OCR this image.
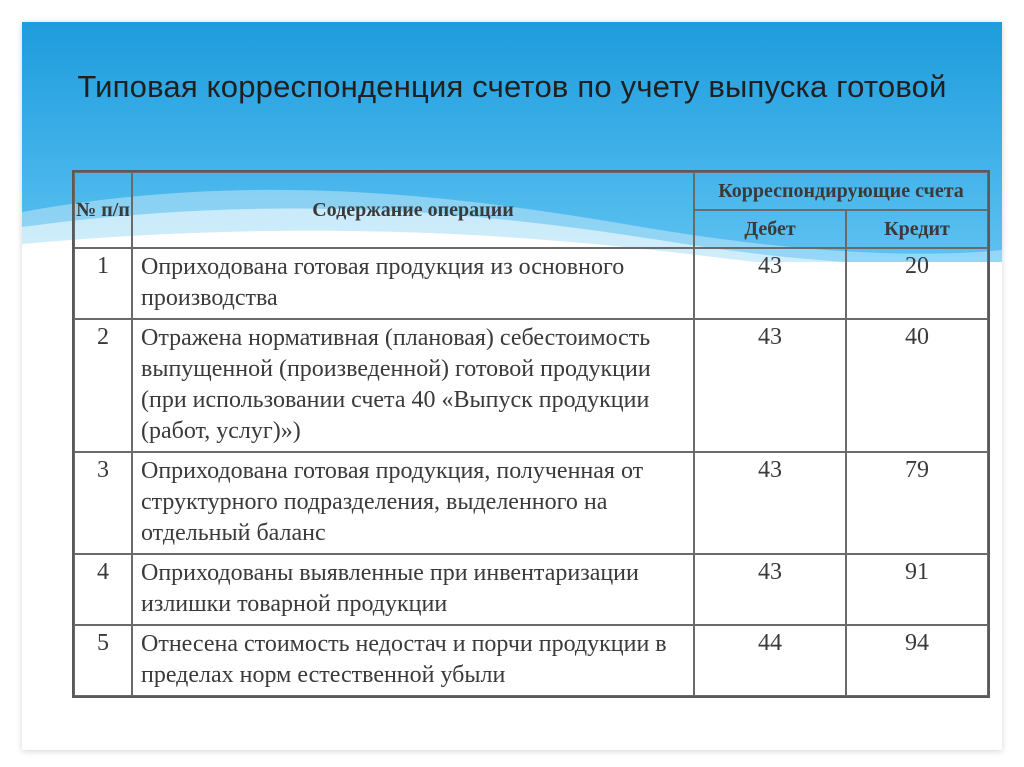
Типовая корреспонденция счетов по учету выпуска готовой
№ п/п	Содержание операции	Корреспондирующие счета	
		Дебет	Кредит
1	Оприходована готовая продукция из основного производства	43	20
2	Отражена нормативная (плановая) себестоимость выпущенной (произведенной) готовой продукции (при использовании счета 40 «Выпуск продукции (работ, услуг)»)	43	40
3	Оприходована готовая продукция, полученная от структурного подразделения, выделенного на отдельный баланс	43	79
4	Оприходованы выявленные при инвентаризации излишки товарной продукции	43	91
5	Отнесена стоимость недостач и порчи продукции в пределах норм естественной убыли	44	94
